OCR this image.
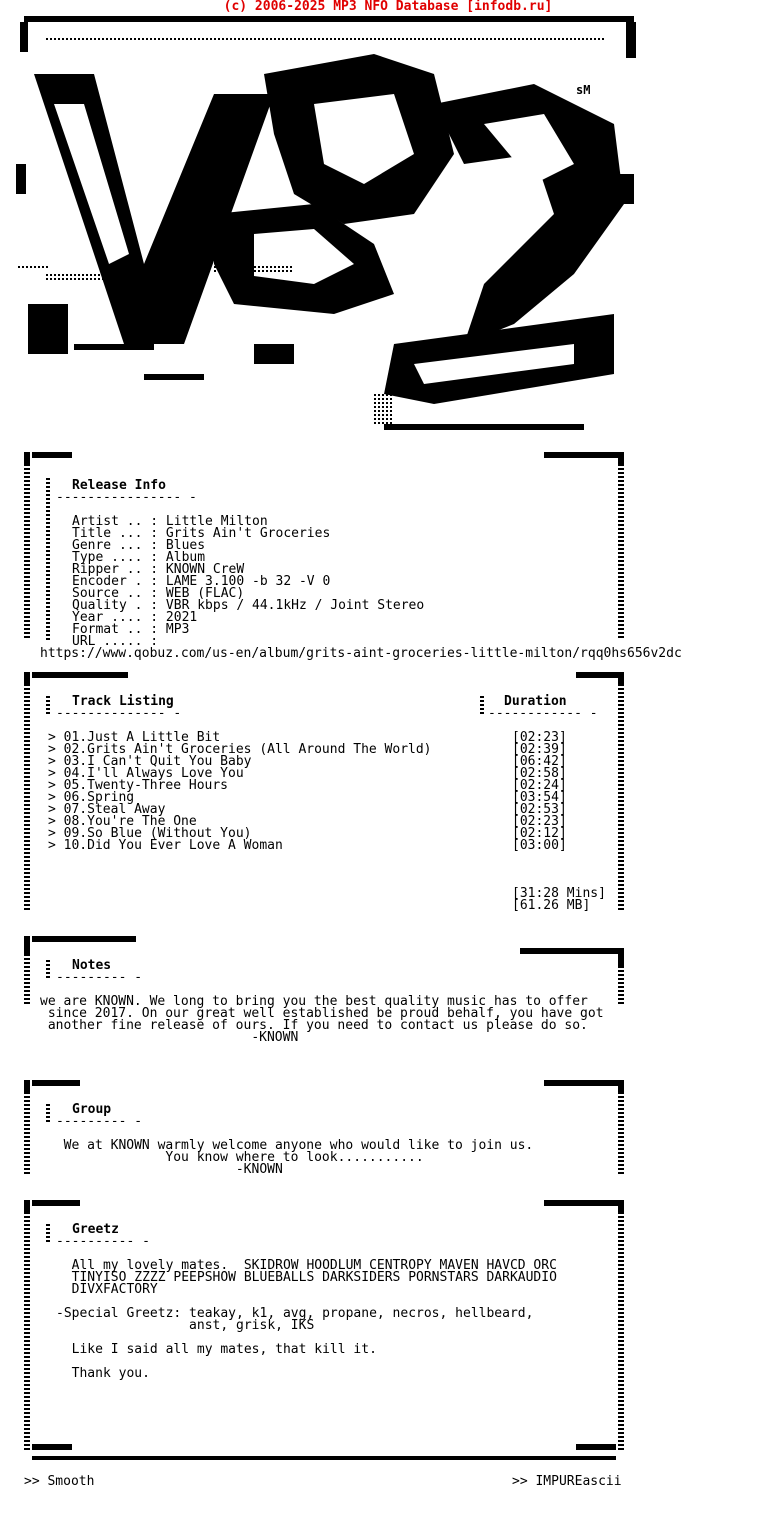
(c) 2006-2025 MP3 NFO Database [infodb.ru]
sM
Release Info
---------------- -
Artist .. : Little Milton
Title ... : Grits Ain't Groceries
Genre ... : Blues
Type .... : Album
Ripper .. : KNOWN CreW
Encoder . : LAME 3.100 -b 32 -V 0
Source .. : WEB (FLAC)
Quality . : VBR kbps / 44.1kHz / Joint Stereo
Year .... : 2021
Format .. : MP3
URL ..... :
https://www.qobuz.com/us-en/album/grits-aint-groceries-little-milton/rqq0hs656v2dc
Track Listing
-------------- -
Duration
------------ -
> 01.Just A Little Bit
> 02.Grits Ain't Groceries (All Around The World)
> 03.I Can't Quit You Baby
> 04.I'll Always Love You
> 05.Twenty-Three Hours
> 06.Spring
> 07.Steal Away
> 08.You're The One
> 09.So Blue (Without You)
> 10.Did You Ever Love A Woman
[02:23]
[02:39]
[06:42]
[02:58]
[02:24]
[03:54]
[02:53]
[02:23]
[02:12]
[03:00]
[31:28 Mins]
[61.26 MB]
Notes
--------- -
we are KNOWN. We long to bring you the best quality music has to offer
since 2017. On our great well established be proud behalf, you have got
another fine release of ours. If you need to contact us please do so.
-KNOWN
Group
--------- -
We at KNOWN warmly welcome anyone who would like to join us.
You know where to look...........
-KNOWN
Greetz
---------- -
All my lovely mates.  SKIDROW HOODLUM CENTROPY MAVEN HAVCD ORC
TINYISO ZZZZ PEEPSHOW BLUEBALLS DARKSIDERS PORNSTARS DARKAUDIO
DIVXFACTORY

-Special Greetz: teakay, k1, avg, propane, necros, hellbeard,
anst, grisk, IKS

Like I said all my mates, that kill it.

Thank you.
>> Smooth	>> IMPUREascii
